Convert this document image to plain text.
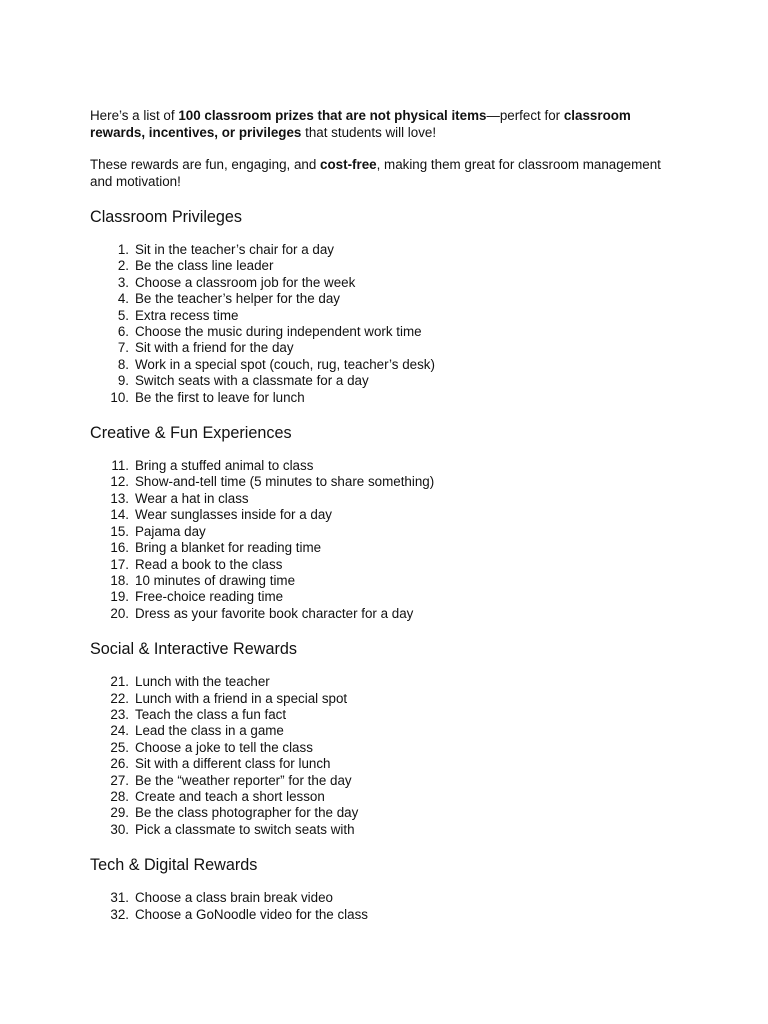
Here’s a list of 100 classroom prizes that are not physical items—perfect for classroom rewards, incentives, or privileges that students will love!

These rewards are fun, engaging, and cost-free, making them great for classroom management and motivation!

Classroom Privileges
1. Sit in the teacher’s chair for a day
2. Be the class line leader
3. Choose a classroom job for the week
4. Be the teacher’s helper for the day
5. Extra recess time
6. Choose the music during independent work time
7. Sit with a friend for the day
8. Work in a special spot (couch, rug, teacher’s desk)
9. Switch seats with a classmate for a day
10. Be the first to leave for lunch
Creative & Fun Experiences
11. Bring a stuffed animal to class
12. Show-and-tell time (5 minutes to share something)
13. Wear a hat in class
14. Wear sunglasses inside for a day
15. Pajama day
16. Bring a blanket for reading time
17. Read a book to the class
18. 10 minutes of drawing time
19. Free-choice reading time
20. Dress as your favorite book character for a day
Social & Interactive Rewards
21. Lunch with the teacher
22. Lunch with a friend in a special spot
23. Teach the class a fun fact
24. Lead the class in a game
25. Choose a joke to tell the class
26. Sit with a different class for lunch
27. Be the “weather reporter” for the day
28. Create and teach a short lesson
29. Be the class photographer for the day
30. Pick a classmate to switch seats with
Tech & Digital Rewards
31. Choose a class brain break video
32. Choose a GoNoodle video for the class
